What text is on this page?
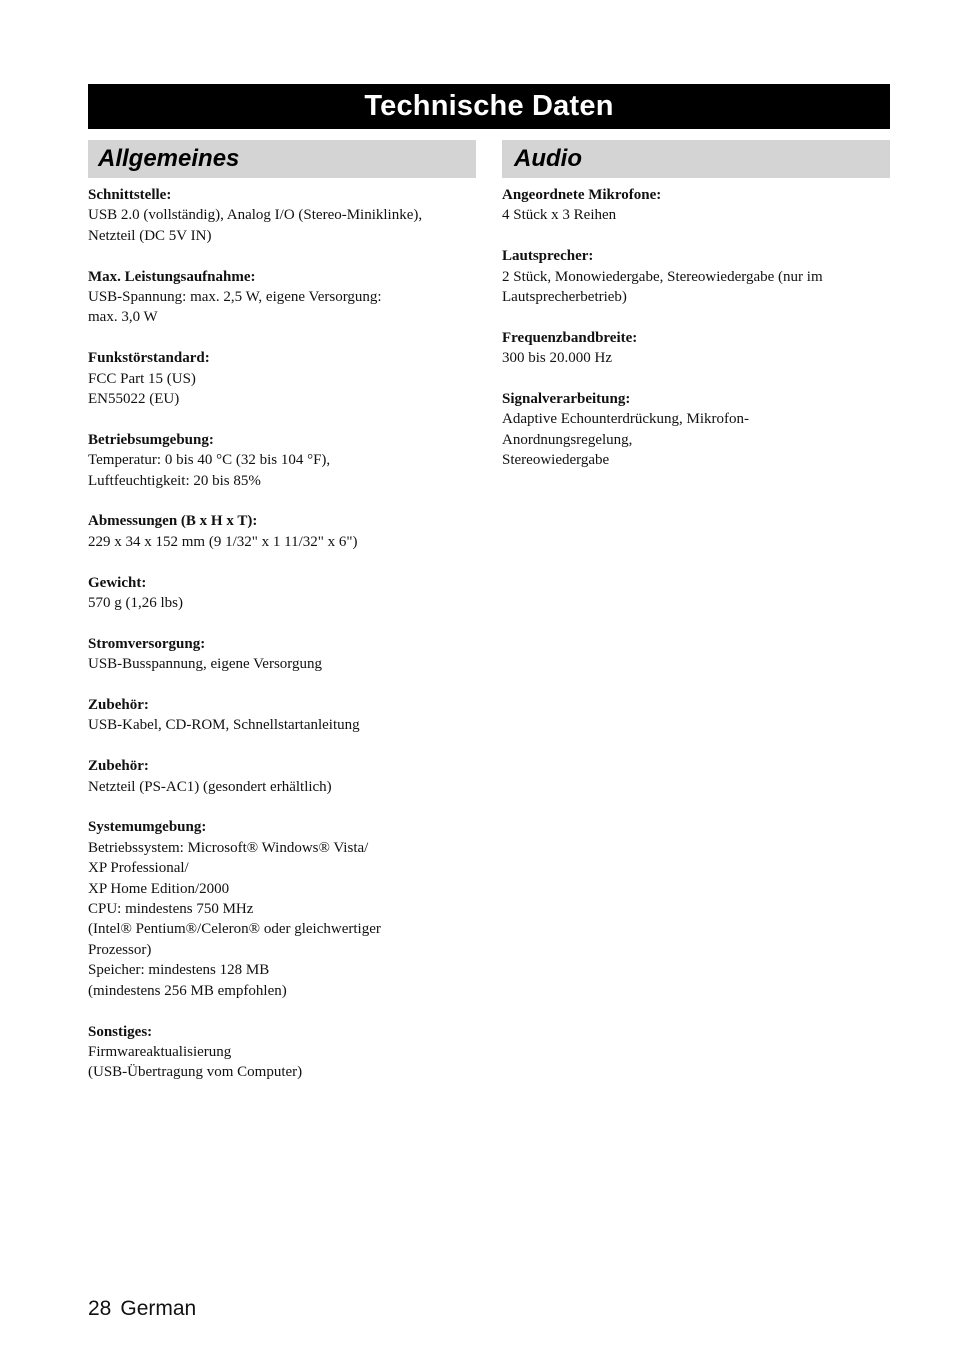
Technische Daten
Allgemeines	Audio
Schnittstelle:
USB 2.0 (vollständig), Analog I/O (Stereo-Miniklinke),
Netzteil (DC 5V IN)
Max. Leistungsaufnahme:
USB-Spannung: max. 2,5 W, eigene Versorgung:
max. 3,0 W
Funkstörstandard:
FCC Part 15 (US)
EN55022 (EU)
Betriebsumgebung:
Temperatur: 0 bis 40 °C (32 bis 104 °F),
Luftfeuchtigkeit: 20 bis 85%
Abmessungen (B x H x T):
229 x 34 x 152 mm (9 1/32" x 1 11/32" x 6")
Gewicht:
570 g (1,26 lbs)
Stromversorgung:
USB-Busspannung, eigene Versorgung
Zubehör:
USB-Kabel, CD-ROM, Schnellstartanleitung
Zubehör:
Netzteil (PS-AC1) (gesondert erhältlich)
Systemumgebung:
Betriebssystem: Microsoft® Windows® Vista/
XP Professional/
XP Home Edition/2000
CPU: mindestens 750 MHz
(Intel® Pentium®/Celeron® oder gleichwertiger
Prozessor)
Speicher: mindestens 128 MB
(mindestens 256 MB empfohlen)
Sonstiges:
Firmwareaktualisierung
(USB-Übertragung vom Computer)
Angeordnete Mikrofone:
4 Stück x 3 Reihen
Lautsprecher:
2 Stück, Monowiedergabe, Stereowiedergabe (nur im
Lautsprecherbetrieb)
Frequenzbandbreite:
300 bis 20.000 Hz
Signalverarbeitung:
Adaptive Echounterdrückung, Mikrofon-
Anordnungsregelung,
Stereowiedergabe
28 German
